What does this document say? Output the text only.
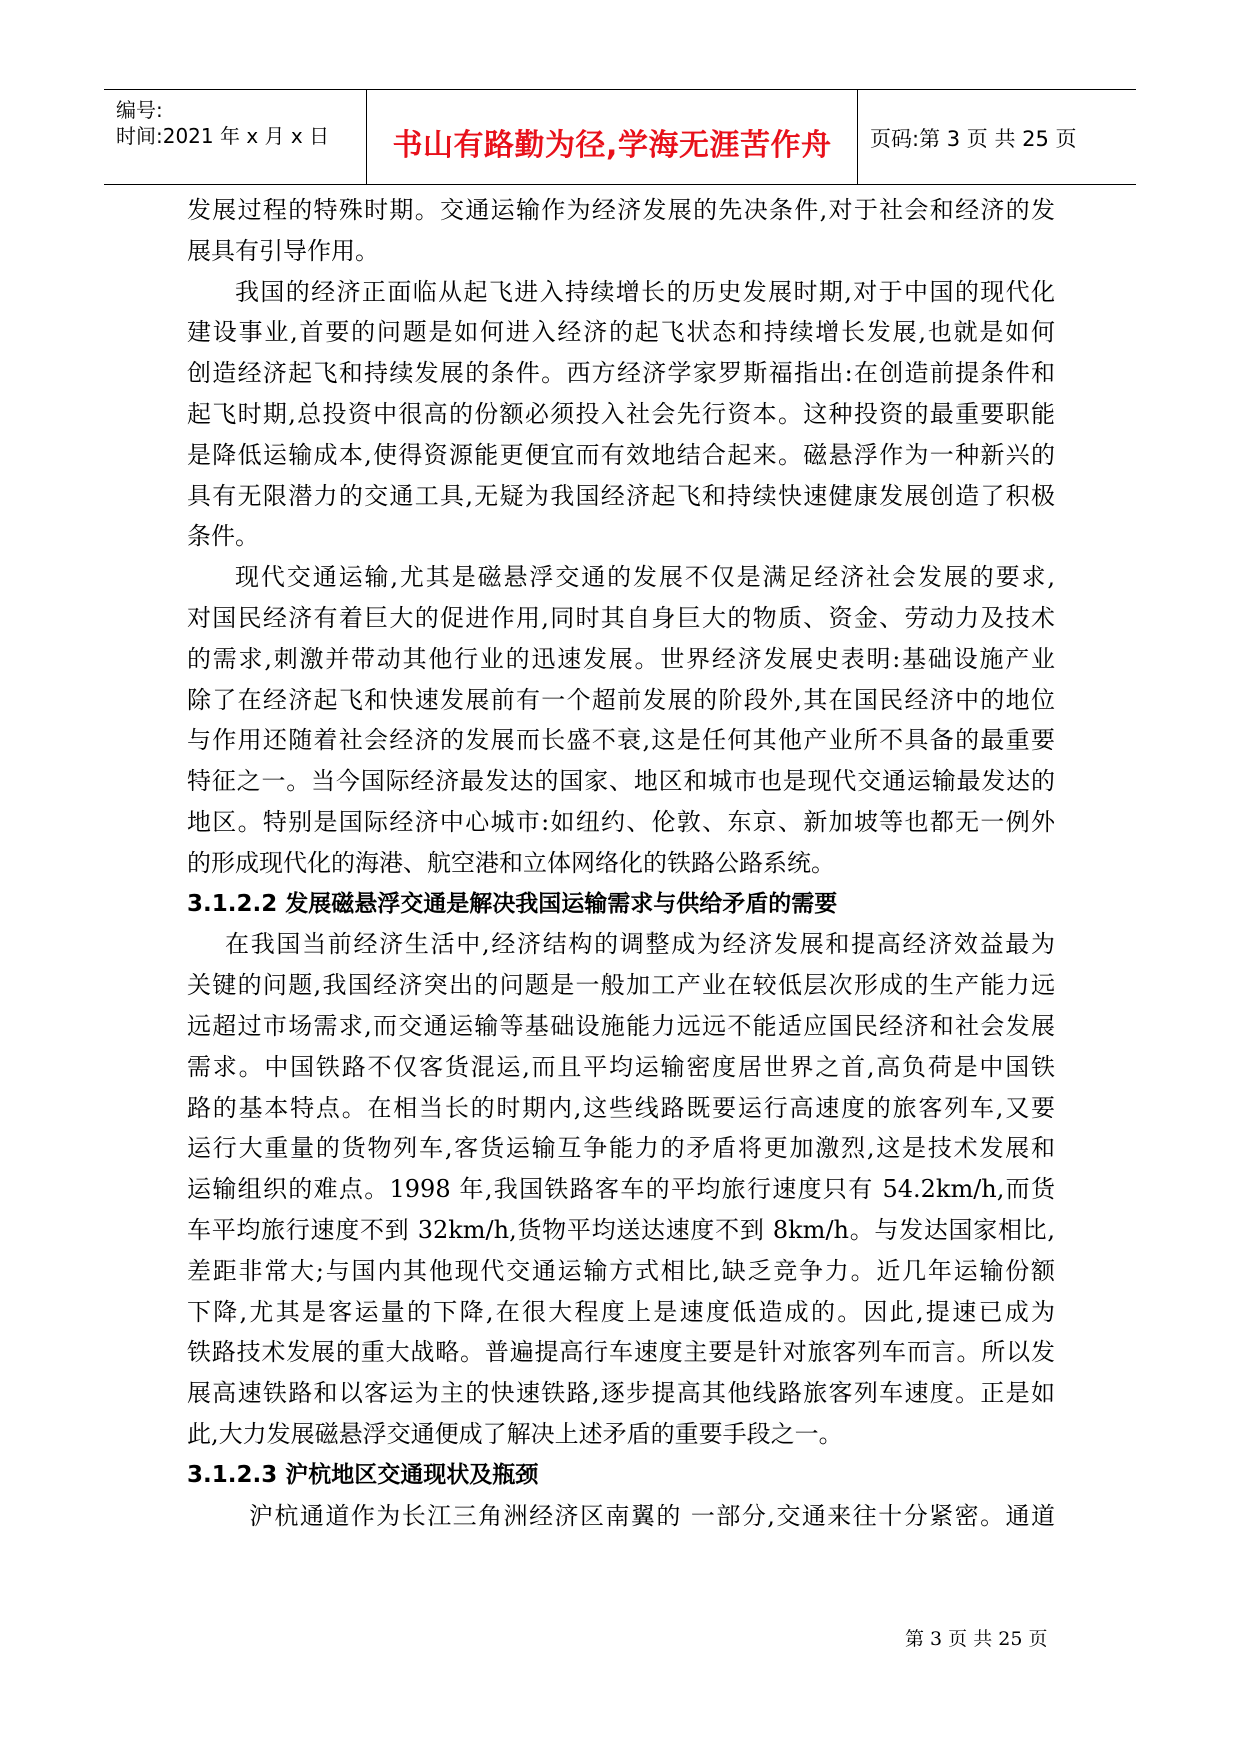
编号:
时间:2021 年 x 月 x 日	书山有路勤为径,学海无涯苦作舟	页码:第 3 页 共 25 页
发展过程的特殊时期。交通运输作为经济发展的先决条件,对于社会和经济的发
展具有引导作用。
我国的经济正面临从起飞进入持续增长的历史发展时期,对于中国的现代化
建设事业,首要的问题是如何进入经济的起飞状态和持续增长发展,也就是如何
创造经济起飞和持续发展的条件。西方经济学家罗斯福指出:在创造前提条件和
起飞时期,总投资中很高的份额必须投入社会先行资本。这种投资的最重要职能
是降低运输成本,使得资源能更便宜而有效地结合起来。磁悬浮作为一种新兴的
具有无限潜力的交通工具,无疑为我国经济起飞和持续快速健康发展创造了积极
条件。
现代交通运输,尤其是磁悬浮交通的发展不仅是满足经济社会发展的要求,
对国民经济有着巨大的促进作用,同时其自身巨大的物质、资金、劳动力及技术
的需求,刺激并带动其他行业的迅速发展。世界经济发展史表明:基础设施产业
除了在经济起飞和快速发展前有一个超前发展的阶段外,其在国民经济中的地位
与作用还随着社会经济的发展而长盛不衰,这是任何其他产业所不具备的最重要
特征之一。当今国际经济最发达的国家、地区和城市也是现代交通运输最发达的
地区。特别是国际经济中心城市:如纽约、伦敦、东京、新加坡等也都无一例外
的形成现代化的海港、航空港和立体网络化的铁路公路系统。
3.1.2.2 发展磁悬浮交通是解决我国运输需求与供给矛盾的需要
在我国当前经济生活中,经济结构的调整成为经济发展和提高经济效益最为
关键的问题,我国经济突出的问题是一般加工产业在较低层次形成的生产能力远
远超过市场需求,而交通运输等基础设施能力远远不能适应国民经济和社会发展
需求。中国铁路不仅客货混运,而且平均运输密度居世界之首,高负荷是中国铁
路的基本特点。在相当长的时期内,这些线路既要运行高速度的旅客列车,又要
运行大重量的货物列车,客货运输互争能力的矛盾将更加激烈,这是技术发展和
运输组织的难点。1998 年,我国铁路客车的平均旅行速度只有 54.2km/h,而货
车平均旅行速度不到 32km/h,货物平均送达速度不到 8km/h。与发达国家相比,
差距非常大;与国内其他现代交通运输方式相比,缺乏竞争力。近几年运输份额
下降,尤其是客运量的下降,在很大程度上是速度低造成的。因此,提速已成为
铁路技术发展的重大战略。普遍提高行车速度主要是针对旅客列车而言。所以发
展高速铁路和以客运为主的快速铁路,逐步提高其他线路旅客列车速度。正是如
此,大力发展磁悬浮交通便成了解决上述矛盾的重要手段之一。
3.1.2.3 沪杭地区交通现状及瓶颈
沪杭通道作为长江三角洲经济区南翼的 一部分,交通来往十分紧密。通道
第 3 页 共 25 页
